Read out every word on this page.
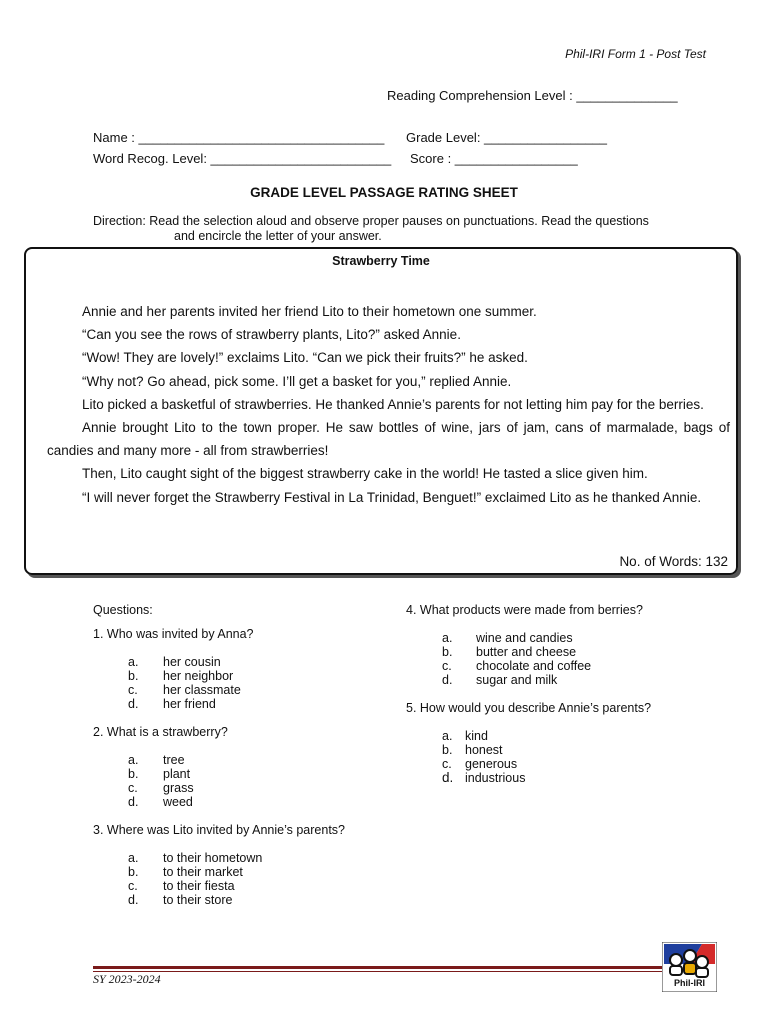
Phil-IRI Form 1 - Post Test
Reading Comprehension Level : ______________
Name : __________________________________ Grade Level: _________________
Word Recog. Level: _________________________ Score : _________________
GRADE LEVEL PASSAGE RATING SHEET
Direction: Read the selection aloud and observe proper pauses on punctuations. Read the questions
and encircle the letter of your answer.
Strawberry Time

Annie and her parents invited her friend Lito to their hometown one summer.

“Can you see the rows of strawberry plants, Lito?” asked Annie.

“Wow! They are lovely!” exclaims Lito. “Can we pick their fruits?” he asked.

“Why not? Go ahead, pick some. I’ll get a basket for you,” replied Annie.

Lito picked a basketful of strawberries. He thanked Annie’s parents for not letting him pay for the berries.

Annie brought Lito to the town proper. He saw bottles of wine, jars of jam, cans of marmalade, bags of candies and many more - all from strawberries!

Then, Lito caught sight of the biggest strawberry cake in the world! He tasted a slice given him.

“I will never forget the Strawberry Festival in La Trinidad, Benguet!” exclaimed Lito as he thanked Annie.

No. of Words: 132
Questions:

1. Who was invited by Anna?

a.	her cousin
b.	her neighbor
c.	her classmate
d.	her friend

2. What is a strawberry?

a.	tree
b.	plant
c.	grass
d.	weed

3. Where was Lito invited by Annie’s parents?

a.	to their hometown
b.	to their market
c.	to their fiesta
d.	to their store

4. What products were made from berries?

a.	wine and candies
b.	butter and cheese
c.	chocolate and coffee
d.	sugar and milk

5. How would you describe Annie’s parents?

a.	kind
b.	honest
c.	generous
d. industrious
SY 2023-2024	Phil-IRI
